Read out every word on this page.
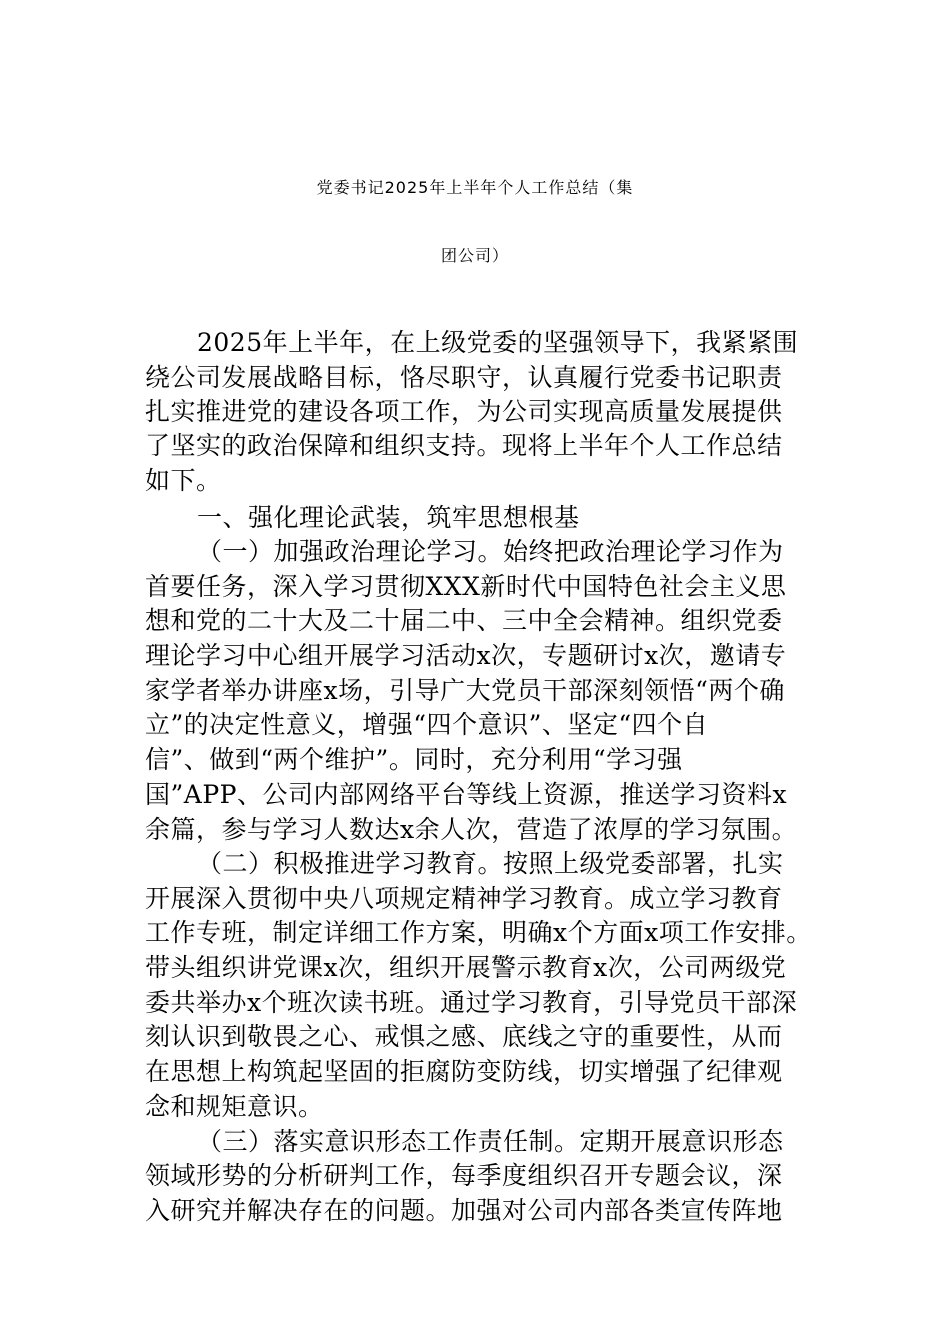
党委书记2025年上半年个人工作总结（集
团公司）
2025年上半年，在上级党委的坚强领导下，我紧紧围
绕公司发展战略目标，恪尽职守，认真履行党委书记职责
扎实推进党的建设各项工作，为公司实现高质量发展提供
了坚实的政治保障和组织支持。现将上半年个人工作总结
如下。
一、强化理论武装，筑牢思想根基
（一）加强政治理论学习。始终把政治理论学习作为
首要任务，深入学习贯彻XXX新时代中国特色社会主义思
想和党的二十大及二十届二中、三中全会精神。组织党委
理论学习中心组开展学习活动x次，专题研讨x次，邀请专
家学者举办讲座x场，引导广大党员干部深刻领悟“两个确
立”的决定性意义，增强“四个意识”、坚定“四个自
信”、做到“两个维护”。同时，充分利用“学习强
国”APP、公司内部网络平台等线上资源，推送学习资料x
余篇，参与学习人数达x余人次，营造了浓厚的学习氛围。
（二）积极推进学习教育。按照上级党委部署，扎实
开展深入贯彻中央八项规定精神学习教育。成立学习教育
工作专班，制定详细工作方案，明确x个方面x项工作安排。
带头组织讲党课x次，组织开展警示教育x次，公司两级党
委共举办x个班次读书班。通过学习教育，引导党员干部深
刻认识到敬畏之心、戒惧之感、底线之守的重要性，从而
在思想上构筑起坚固的拒腐防变防线，切实增强了纪律观
念和规矩意识。
（三）落实意识形态工作责任制。定期开展意识形态
领域形势的分析研判工作，每季度组织召开专题会议，深
入研究并解决存在的问题。加强对公司内部各类宣传阵地
